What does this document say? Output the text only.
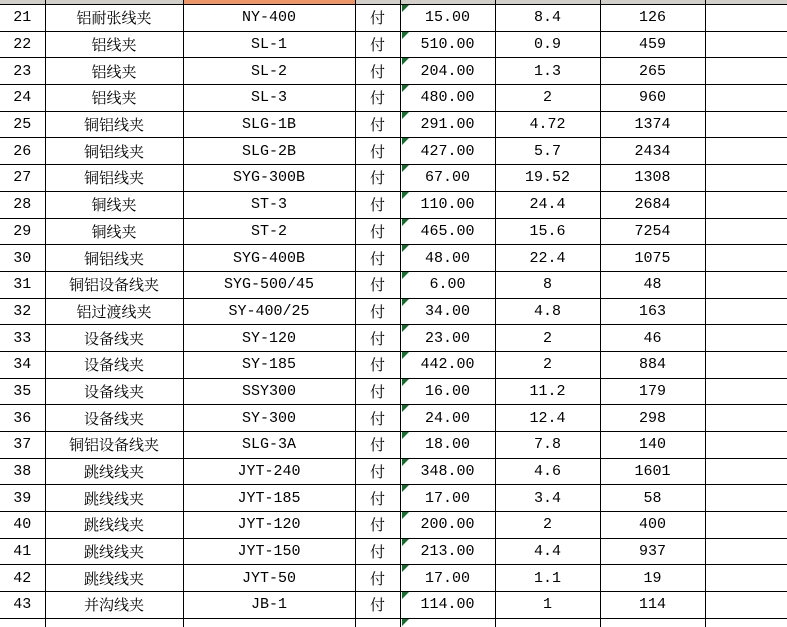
21	铝耐张线夹	NY-400	付	15.00	8.4	126	
22	铝线夹	SL-1	付	510.00	0.9	459	
23	铝线夹	SL-2	付	204.00	1.3	265	
24	铝线夹	SL-3	付	480.00	2	960	
25	铜铝线夹	SLG-1B	付	291.00	4.72	1374	
26	铜铝线夹	SLG-2B	付	427.00	5.7	2434	
27	铜铝线夹	SYG-300B	付	67.00	19.52	1308	
28	铜线夹	ST-3	付	110.00	24.4	2684	
29	铜线夹	ST-2	付	465.00	15.6	7254	
30	铜铝线夹	SYG-400B	付	48.00	22.4	1075	
31	铜铝设备线夹	SYG-500/45	付	6.00	8	48	
32	铝过渡线夹	SY-400/25	付	34.00	4.8	163	
33	设备线夹	SY-120	付	23.00	2	46	
34	设备线夹	SY-185	付	442.00	2	884	
35	设备线夹	SSY300	付	16.00	11.2	179	
36	设备线夹	SY-300	付	24.00	12.4	298	
37	铜铝设备线夹	SLG-3A	付	18.00	7.8	140	
38	跳线线夹	JYT-240	付	348.00	4.6	1601	
39	跳线线夹	JYT-185	付	17.00	3.4	58	
40	跳线线夹	JYT-120	付	200.00	2	400	
41	跳线线夹	JYT-150	付	213.00	4.4	937	
42	跳线线夹	JYT-50	付	17.00	1.1	19	
43	并沟线夹	JB-1	付	114.00	1	114	
